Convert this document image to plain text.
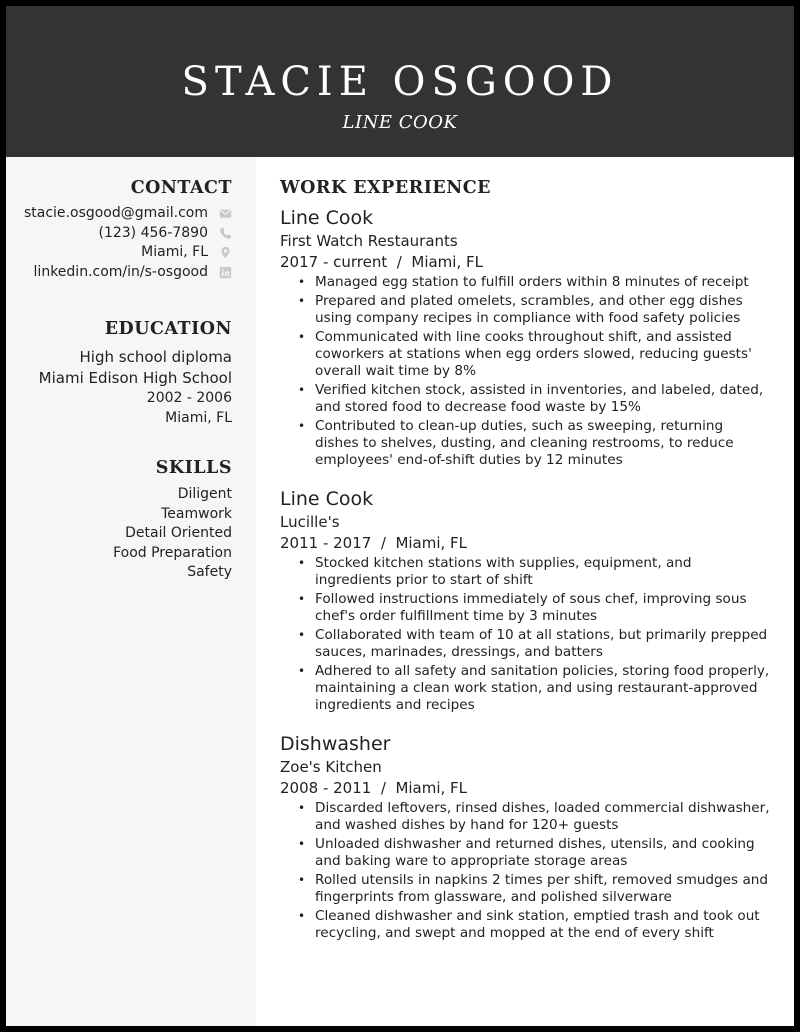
STACIE OSGOOD
LINE COOK
CONTACT
stacie.osgood@gmail.com
(123) 456-7890
Miami, FL
linkedin.com/in/s-osgood
EDUCATION
High school diploma
Miami Edison High School
2002 - 2006
Miami, FL
SKILLS
Diligent
Teamwork
Detail Oriented
Food Preparation
Safety
WORK EXPERIENCE
Line Cook
First Watch Restaurants
2017 - current  /  Miami, FL
• Managed egg station to fulfill orders within 8 minutes of receipt
• Prepared and plated omelets, scrambles, and other egg dishes using company recipes in compliance with food safety policies
• Communicated with line cooks throughout shift, and assisted coworkers at stations when egg orders slowed, reducing guests' overall wait time by 8%
• Verified kitchen stock, assisted in inventories, and labeled, dated, and stored food to decrease food waste by 15%
• Contributed to clean-up duties, such as sweeping, returning dishes to shelves, dusting, and cleaning restrooms, to reduce employees' end-of-shift duties by 12 minutes
Line Cook
Lucille's
2011 - 2017  /  Miami, FL
• Stocked kitchen stations with supplies, equipment, and ingredients prior to start of shift
• Followed instructions immediately of sous chef, improving sous chef's order fulfillment time by 3 minutes
• Collaborated with team of 10 at all stations, but primarily prepped sauces, marinades, dressings, and batters
• Adhered to all safety and sanitation policies, storing food properly, maintaining a clean work station, and using restaurant-approved ingredients and recipes
Dishwasher
Zoe's Kitchen
2008 - 2011  /  Miami, FL
• Discarded leftovers, rinsed dishes, loaded commercial dishwasher, and washed dishes by hand for 120+ guests
• Unloaded dishwasher and returned dishes, utensils, and cooking and baking ware to appropriate storage areas
• Rolled utensils in napkins 2 times per shift, removed smudges and fingerprints from glassware, and polished silverware
• Cleaned dishwasher and sink station, emptied trash and took out recycling, and swept and mopped at the end of every shift
